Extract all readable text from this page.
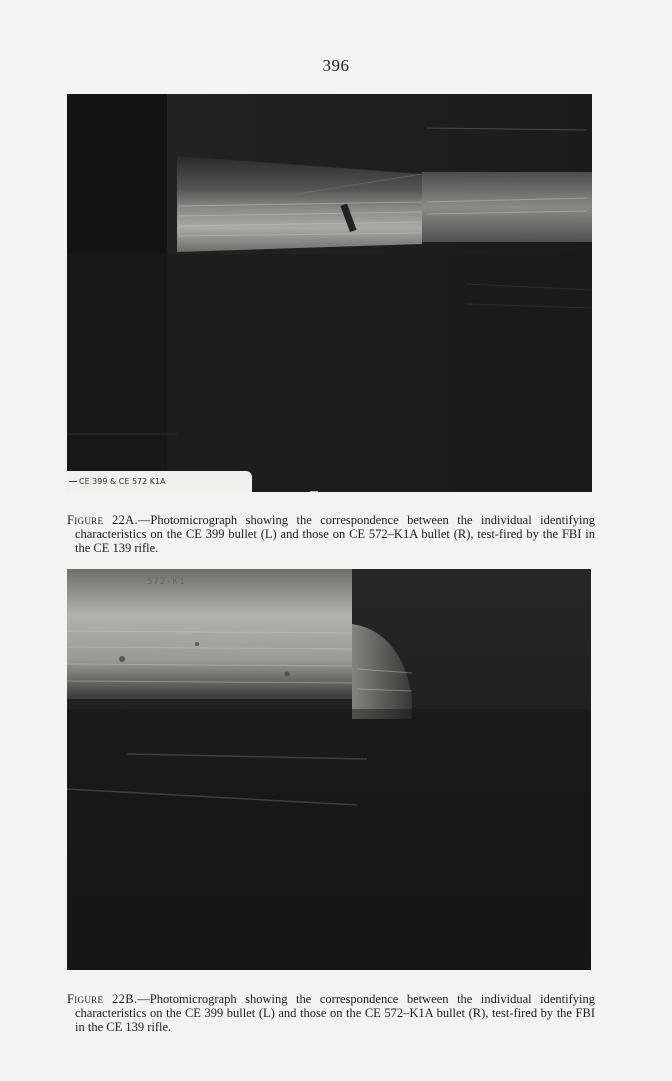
396
CE 399 & CE 572 K1A
Figure 22A.—Photomicrograph showing the correspondence between the individual identifying characteristics on the CE 399 bullet (L) and those on CE 572–K1A bullet (R), test-fired by the FBI in the CE 139 rifle.
572-K1
Figure 22B.—Photomicrograph showing the correspondence between the individual identifying characteristics on the CE 399 bullet (L) and those on the CE 572–K1A bullet (R), test-fired by the FBI in the CE 139 rifle.
